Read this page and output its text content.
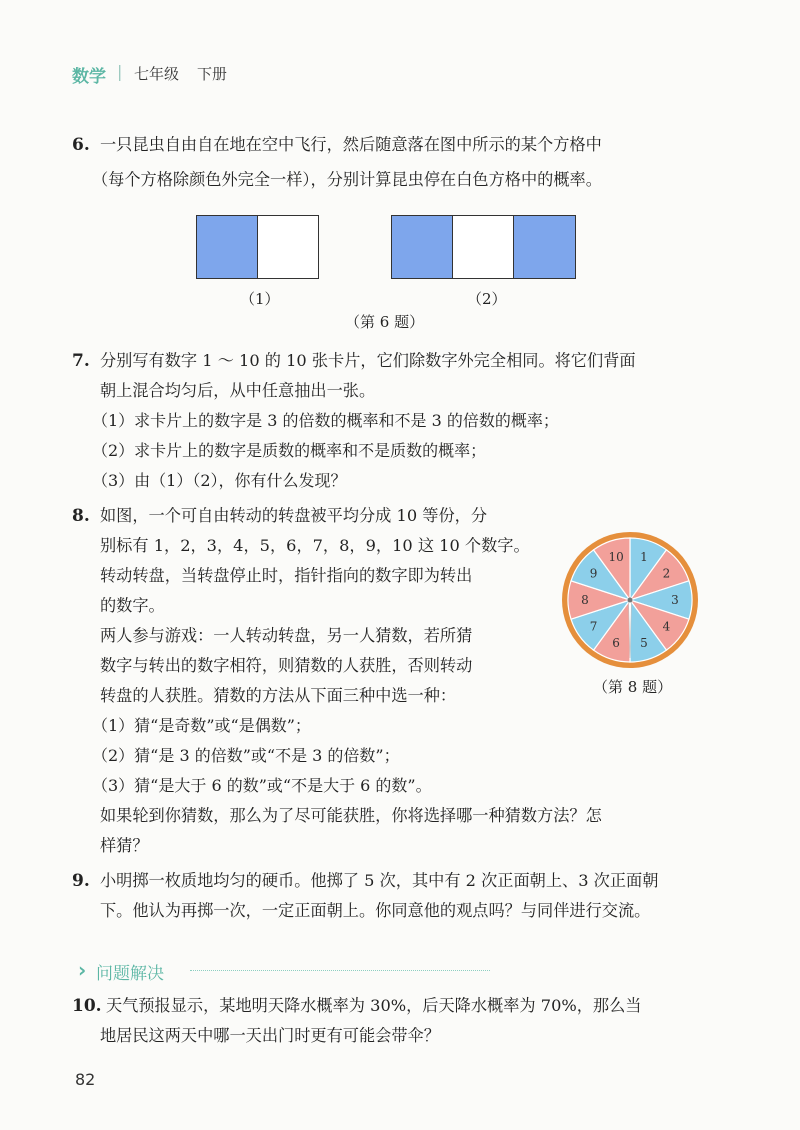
数学 | 七年级 下册
6. 一只昆虫自由自在地在空中飞行，然后随意落在图中所示的某个方格中
（每个方格除颜色外完全一样），分别计算昆虫停在白色方格中的概率。
（1）	（2）
（第 6 题）
7. 分别写有数字 1 ～ 10 的 10 张卡片，它们除数字外完全相同。将它们背面
朝上混合均匀后，从中任意抽出一张。
（1）求卡片上的数字是 3 的倍数的概率和不是 3 的倍数的概率；
（2）求卡片上的数字是质数的概率和不是质数的概率；
（3）由（1）（2），你有什么发现？
8. 如图，一个可自由转动的转盘被平均分成 10 等份，分
别标有 1，2，3，4，5，6，7，8，9，10 这 10 个数字。
转动转盘，当转盘停止时，指针指向的数字即为转出
的数字。
两人参与游戏：一人转动转盘，另一人猜数，若所猜
数字与转出的数字相符，则猜数的人获胜，否则转动
转盘的人获胜。猜数的方法从下面三种中选一种：
（1）猜“是奇数”或“是偶数”；
（2）猜“是 3 的倍数”或“不是 3 的倍数”；
（3）猜“是大于 6 的数”或“不是大于 6 的数”。
如果轮到你猜数，那么为了尽可能获胜，你将选择哪一种猜数方法？怎
样猜？
1
2
3
4
5
6
7
8
9
10
（第 8 题）
9. 小明掷一枚质地均匀的硬币。他掷了 5 次，其中有 2 次正面朝上、3 次正面朝
下。他认为再掷一次，一定正面朝上。你同意他的观点吗？与同伴进行交流。
› 问题解决
10. 天气预报显示，某地明天降水概率为 30%，后天降水概率为 70%，那么当
地居民这两天中哪一天出门时更有可能会带伞？
82
